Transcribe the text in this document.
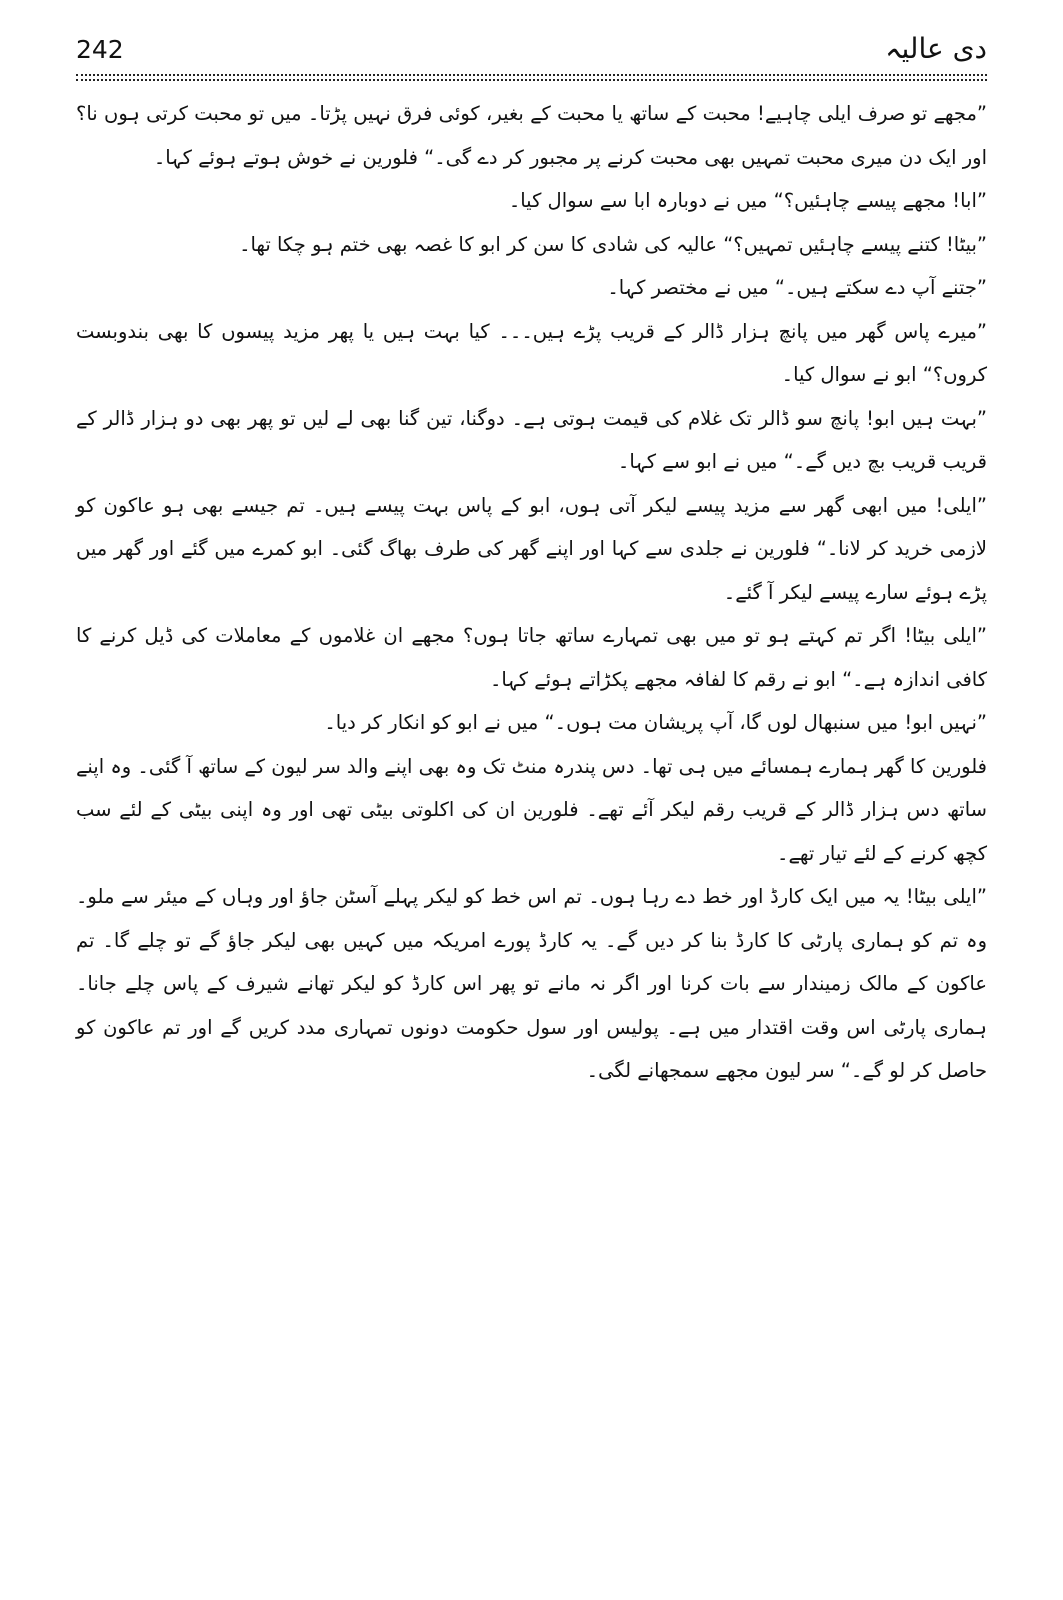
242	دی عالیہ

”مجھے تو صرف ایلی چاہیے! محبت کے ساتھ یا محبت کے بغیر، کوئی فرق نہیں پڑتا۔ میں تو محبت کرتی ہوں نا؟ اور ایک دن میری محبت تمہیں بھی محبت کرنے پر مجبور کر دے گی۔“ فلورین نے خوش ہوتے ہوئے کہا۔

”ابا! مجھے پیسے چاہئیں؟“ میں نے دوبارہ ابا سے سوال کیا۔

”بیٹا! کتنے پیسے چاہئیں تمہیں؟“ عالیہ کی شادی کا سن کر ابو کا غصہ بھی ختم ہو چکا تھا۔

”جتنے آپ دے سکتے ہیں۔“ میں نے مختصر کہا۔

”میرے پاس گھر میں پانچ ہزار ڈالر کے قریب پڑے ہیں۔۔۔ کیا بہت ہیں یا پھر مزید پیسوں کا بھی بندوبست کروں؟“ ابو نے سوال کیا۔

”بہت ہیں ابو! پانچ سو ڈالر تک غلام کی قیمت ہوتی ہے۔ دوگنا، تین گنا بھی لے لیں تو پھر بھی دو ہزار ڈالر کے قریب قریب بچ دیں گے۔“ میں نے ابو سے کہا۔

”ایلی! میں ابھی گھر سے مزید پیسے لیکر آتی ہوں، ابو کے پاس بہت پیسے ہیں۔ تم جیسے بھی ہو عاکون کو لازمی خرید کر لانا۔“ فلورین نے جلدی سے کہا اور اپنے گھر کی طرف بھاگ گئی۔ ابو کمرے میں گئے اور گھر میں پڑے ہوئے سارے پیسے لیکر آ گئے۔

”ایلی بیٹا! اگر تم کہتے ہو تو میں بھی تمہارے ساتھ جاتا ہوں؟ مجھے ان غلاموں کے معاملات کی ڈیل کرنے کا کافی اندازہ ہے۔“ ابو نے رقم کا لفافہ مجھے پکڑاتے ہوئے کہا۔

”نہیں ابو! میں سنبھال لوں گا، آپ پریشان مت ہوں۔“ میں نے ابو کو انکار کر دیا۔

فلورین کا گھر ہمارے ہمسائے میں ہی تھا۔ دس پندرہ منٹ تک وہ بھی اپنے والد سر لیون کے ساتھ آ گئی۔ وہ اپنے ساتھ دس ہزار ڈالر کے قریب رقم لیکر آئے تھے۔ فلورین ان کی اکلوتی بیٹی تھی اور وہ اپنی بیٹی کے لئے سب کچھ کرنے کے لئے تیار تھے۔

”ایلی بیٹا! یہ میں ایک کارڈ اور خط دے رہا ہوں۔ تم اس خط کو لیکر پہلے آسٹن جاؤ اور وہاں کے میئر سے ملو۔ وہ تم کو ہماری پارٹی کا کارڈ بنا کر دیں گے۔ یہ کارڈ پورے امریکہ میں کہیں بھی لیکر جاؤ گے تو چلے گا۔ تم عاکون کے مالک زمیندار سے بات کرنا اور اگر نہ مانے تو پھر اس کارڈ کو لیکر تھانے شیرف کے پاس چلے جانا۔ ہماری پارٹی اس وقت اقتدار میں ہے۔ پولیس اور سول حکومت دونوں تمہاری مدد کریں گے اور تم عاکون کو حاصل کر لو گے۔“ سر لیون مجھے سمجھانے لگی۔
